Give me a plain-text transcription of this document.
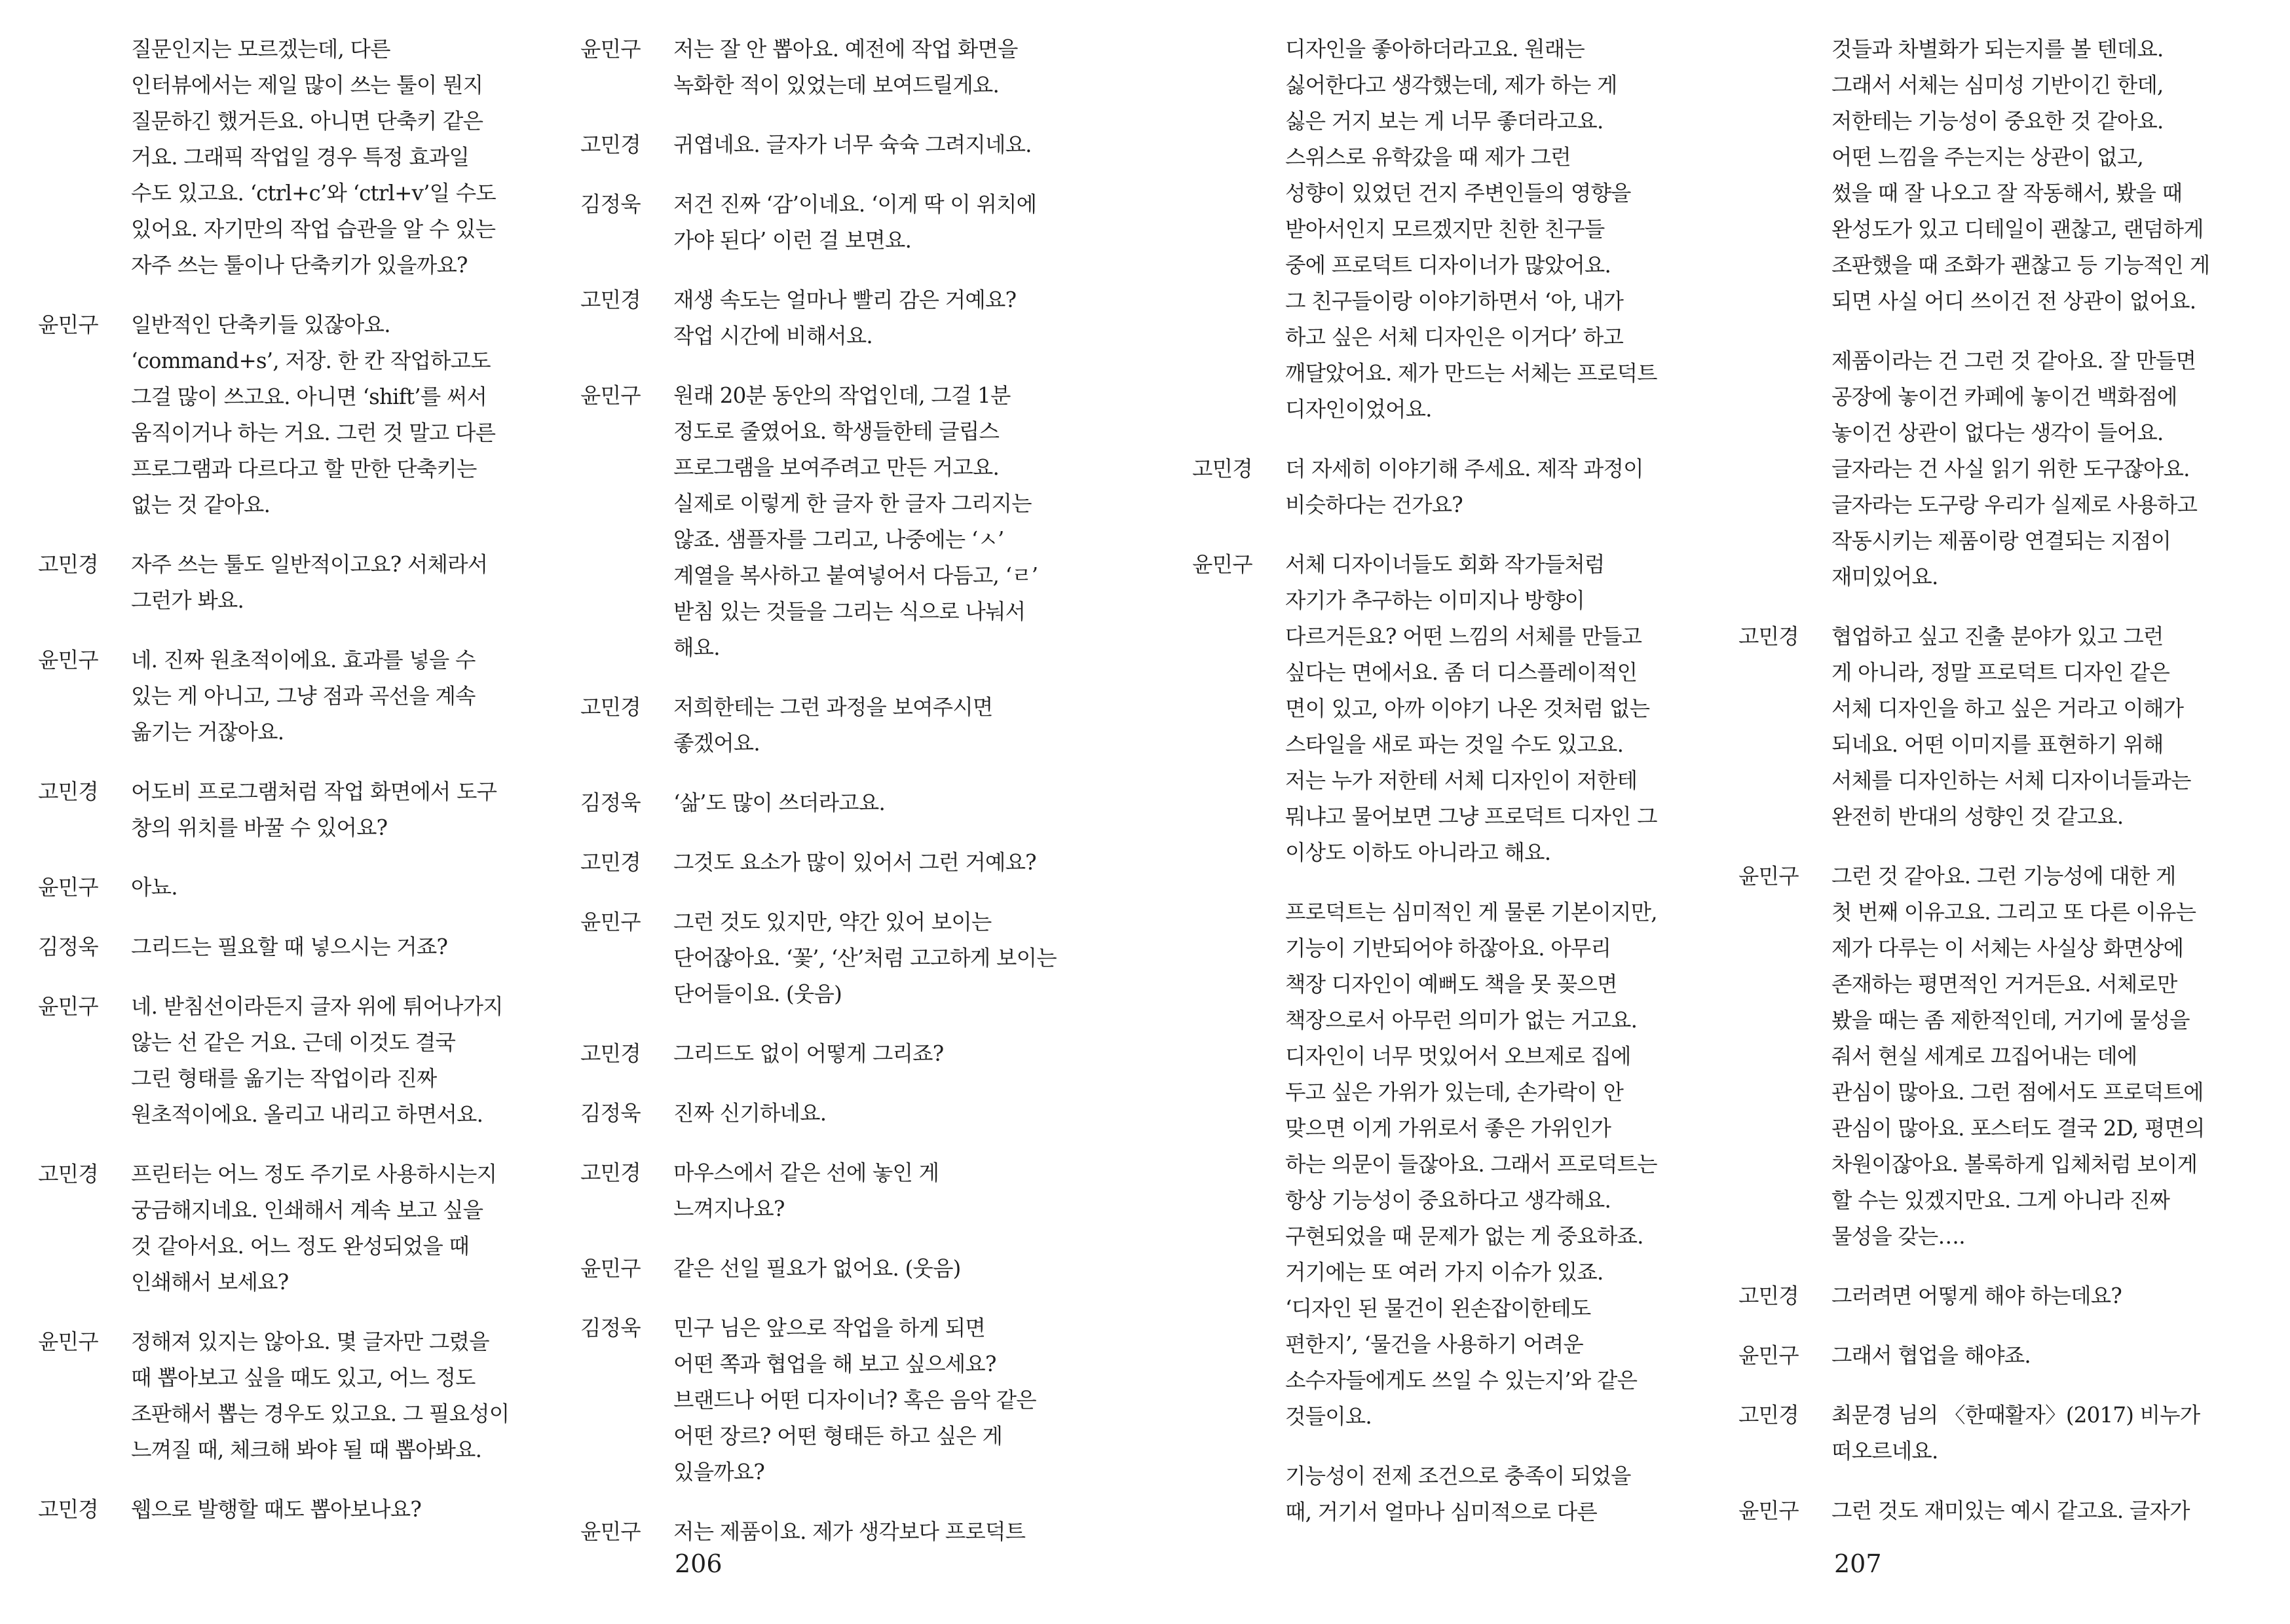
질문인지는 모르겠는데, 다른
인터뷰에서는 제일 많이 쓰는 툴이 뭔지
질문하긴 했거든요. 아니면 단축키 같은
거요. 그래픽 작업일 경우 특정 효과일
수도 있고요. ‘ctrl+c’와 ‘ctrl+v’일 수도
있어요. 자기만의 작업 습관을 알 수 있는
자주 쓰는 툴이나 단축키가 있을까요?
윤민구	일반적인 단축키들 있잖아요.
‘command+s’, 저장. 한 칸 작업하고도
그걸 많이 쓰고요. 아니면 ‘shift’를 써서
움직이거나 하는 거요. 그런 것 말고 다른
프로그램과 다르다고 할 만한 단축키는
없는 것 같아요.
고민경	자주 쓰는 툴도 일반적이고요? 서체라서
그런가 봐요.
윤민구	네. 진짜 원초적이에요. 효과를 넣을 수
있는 게 아니고, 그냥 점과 곡선을 계속
옮기는 거잖아요.
고민경	어도비 프로그램처럼 작업 화면에서 도구
창의 위치를 바꿀 수 있어요?
윤민구	아뇨.
김정욱	그리드는 필요할 때 넣으시는 거죠?
윤민구	네. 받침선이라든지 글자 위에 튀어나가지
않는 선 같은 거요. 근데 이것도 결국
그린 형태를 옮기는 작업이라 진짜
원초적이에요. 올리고 내리고 하면서요.
고민경	프린터는 어느 정도 주기로 사용하시는지
궁금해지네요. 인쇄해서 계속 보고 싶을
것 같아서요. 어느 정도 완성되었을 때
인쇄해서 보세요?
윤민구	정해져 있지는 않아요. 몇 글자만 그렸을
때 뽑아보고 싶을 때도 있고, 어느 정도
조판해서 뽑는 경우도 있고요. 그 필요성이
느껴질 때, 체크해 봐야 될 때 뽑아봐요.
고민경	웹으로 발행할 때도 뽑아보나요?
윤민구	저는 잘 안 뽑아요. 예전에 작업 화면을
녹화한 적이 있었는데 보여드릴게요.
고민경	귀엽네요. 글자가 너무 슉슉 그려지네요.
김정욱	저건 진짜 ‘감’이네요. ‘이게 딱 이 위치에
가야 된다’ 이런 걸 보면요.
고민경	재생 속도는 얼마나 빨리 감은 거예요?
작업 시간에 비해서요.
윤민구	원래 20분 동안의 작업인데, 그걸 1분
정도로 줄였어요. 학생들한테 글립스
프로그램을 보여주려고 만든 거고요.
실제로 이렇게 한 글자 한 글자 그리지는
않죠. 샘플자를 그리고, 나중에는 ‘ㅅ’
계열을 복사하고 붙여넣어서 다듬고, ‘ㄹ’
받침 있는 것들을 그리는 식으로 나눠서
해요.
고민경	저희한테는 그런 과정을 보여주시면
좋겠어요.
김정욱	‘삶’도 많이 쓰더라고요.
고민경	그것도 요소가 많이 있어서 그런 거예요?
윤민구	그런 것도 있지만, 약간 있어 보이는
단어잖아요. ‘꽃’, ‘산’처럼 고고하게 보이는
단어들이요. (웃음)
고민경	그리드도 없이 어떻게 그리죠?
김정욱	진짜 신기하네요.
고민경	마우스에서 같은 선에 놓인 게
느껴지나요?
윤민구	같은 선일 필요가 없어요. (웃음)
김정욱	민구 님은 앞으로 작업을 하게 되면
어떤 쪽과 협업을 해 보고 싶으세요?
브랜드나 어떤 디자이너? 혹은 음악 같은
어떤 장르? 어떤 형태든 하고 싶은 게
있을까요?
윤민구	저는 제품이요. 제가 생각보다 프로덕트
디자인을 좋아하더라고요. 원래는
싫어한다고 생각했는데, 제가 하는 게
싫은 거지 보는 게 너무 좋더라고요.
스위스로 유학갔을 때 제가 그런
성향이 있었던 건지 주변인들의 영향을
받아서인지 모르겠지만 친한 친구들
중에 프로덕트 디자이너가 많았어요.
그 친구들이랑 이야기하면서 ‘아, 내가
하고 싶은 서체 디자인은 이거다’ 하고
깨달았어요. 제가 만드는 서체는 프로덕트
디자인이었어요.
고민경	더 자세히 이야기해 주세요. 제작 과정이
비슷하다는 건가요?
윤민구	서체 디자이너들도 회화 작가들처럼
자기가 추구하는 이미지나 방향이
다르거든요? 어떤 느낌의 서체를 만들고
싶다는 면에서요. 좀 더 디스플레이적인
면이 있고, 아까 이야기 나온 것처럼 없는
스타일을 새로 파는 것일 수도 있고요.
저는 누가 저한테 서체 디자인이 저한테
뭐냐고 물어보면 그냥 프로덕트 디자인 그
이상도 이하도 아니라고 해요.
프로덕트는 심미적인 게 물론 기본이지만,
기능이 기반되어야 하잖아요. 아무리
책장 디자인이 예뻐도 책을 못 꽂으면
책장으로서 아무런 의미가 없는 거고요.
디자인이 너무 멋있어서 오브제로 집에
두고 싶은 가위가 있는데, 손가락이 안
맞으면 이게 가위로서 좋은 가위인가
하는 의문이 들잖아요. 그래서 프로덕트는
항상 기능성이 중요하다고 생각해요.
구현되었을 때 문제가 없는 게 중요하죠.
거기에는 또 여러 가지 이슈가 있죠.
‘디자인 된 물건이 왼손잡이한테도
편한지’, ‘물건을 사용하기 어려운
소수자들에게도 쓰일 수 있는지’와 같은
것들이요.
기능성이 전제 조건으로 충족이 되었을
때, 거기서 얼마나 심미적으로 다른
것들과 차별화가 되는지를 볼 텐데요.
그래서 서체는 심미성 기반이긴 한데,
저한테는 기능성이 중요한 것 같아요.
어떤 느낌을 주는지는 상관이 없고,
썼을 때 잘 나오고 잘 작동해서, 봤을 때
완성도가 있고 디테일이 괜찮고, 랜덤하게
조판했을 때 조화가 괜찮고 등 기능적인 게
되면 사실 어디 쓰이건 전 상관이 없어요.
제품이라는 건 그런 것 같아요. 잘 만들면
공장에 놓이건 카페에 놓이건 백화점에
놓이건 상관이 없다는 생각이 들어요.
글자라는 건 사실 읽기 위한 도구잖아요.
글자라는 도구랑 우리가 실제로 사용하고
작동시키는 제품이랑 연결되는 지점이
재미있어요.
고민경	협업하고 싶고 진출 분야가 있고 그런
게 아니라, 정말 프로덕트 디자인 같은
서체 디자인을 하고 싶은 거라고 이해가
되네요. 어떤 이미지를 표현하기 위해
서체를 디자인하는 서체 디자이너들과는
완전히 반대의 성향인 것 같고요.
윤민구	그런 것 같아요. 그런 기능성에 대한 게
첫 번째 이유고요. 그리고 또 다른 이유는
제가 다루는 이 서체는 사실상 화면상에
존재하는 평면적인 거거든요. 서체로만
봤을 때는 좀 제한적인데, 거기에 물성을
줘서 현실 세계로 끄집어내는 데에
관심이 많아요. 그런 점에서도 프로덕트에
관심이 많아요. 포스터도 결국 2D, 평면의
차원이잖아요. 볼록하게 입체처럼 보이게
할 수는 있겠지만요. 그게 아니라 진짜
물성을 갖는….
고민경	그러려면 어떻게 해야 하는데요?
윤민구	그래서 협업을 해야죠.
고민경	최문경 님의 〈한때활자〉(2017) 비누가
떠오르네요.
윤민구	그런 것도 재미있는 예시 같고요. 글자가
206	207
